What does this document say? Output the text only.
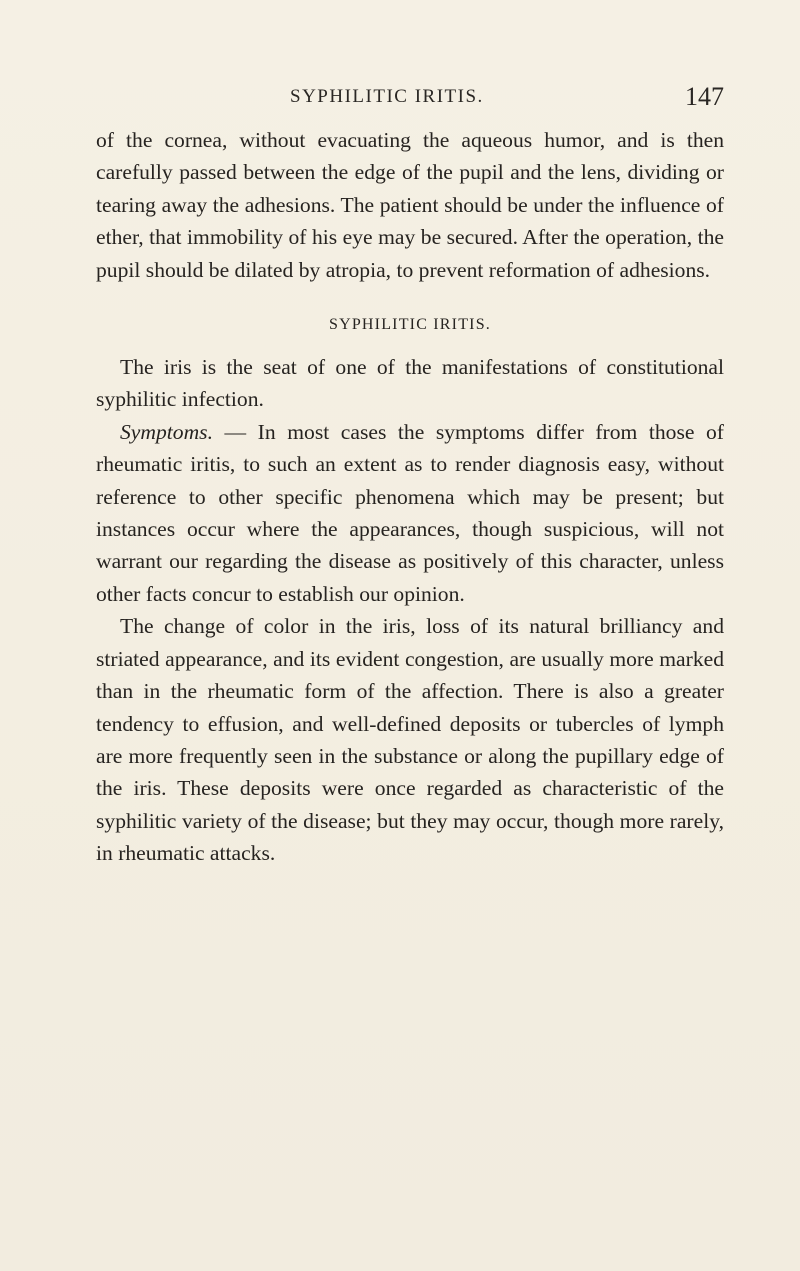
SYPHILITIC IRITIS.	147

of the cornea, without evacuating the aqueous humor, and is then carefully passed between the edge of the pupil and the lens, dividing or tearing away the adhesions. The patient should be under the influence of ether, that immobility of his eye may be secured. After the operation, the pupil should be dilated by atropia, to prevent reformation of adhesions.

SYPHILITIC IRITIS.

The iris is the seat of one of the manifestations of constitutional syphilitic infection.

Symptoms. — In most cases the symptoms differ from those of rheumatic iritis, to such an extent as to render diagnosis easy, without reference to other specific phenomena which may be present; but instances occur where the appearances, though suspicious, will not warrant our regarding the disease as positively of this character, unless other facts concur to establish our opinion.

The change of color in the iris, loss of its natural brilliancy and striated appearance, and its evident congestion, are usually more marked than in the rheumatic form of the affection. There is also a greater tendency to effusion, and well-defined deposits or tubercles of lymph are more frequently seen in the substance or along the pupillary edge of the iris. These deposits were once regarded as characteristic of the syphilitic variety of the disease; but they may occur, though more rarely, in rheumatic attacks.
